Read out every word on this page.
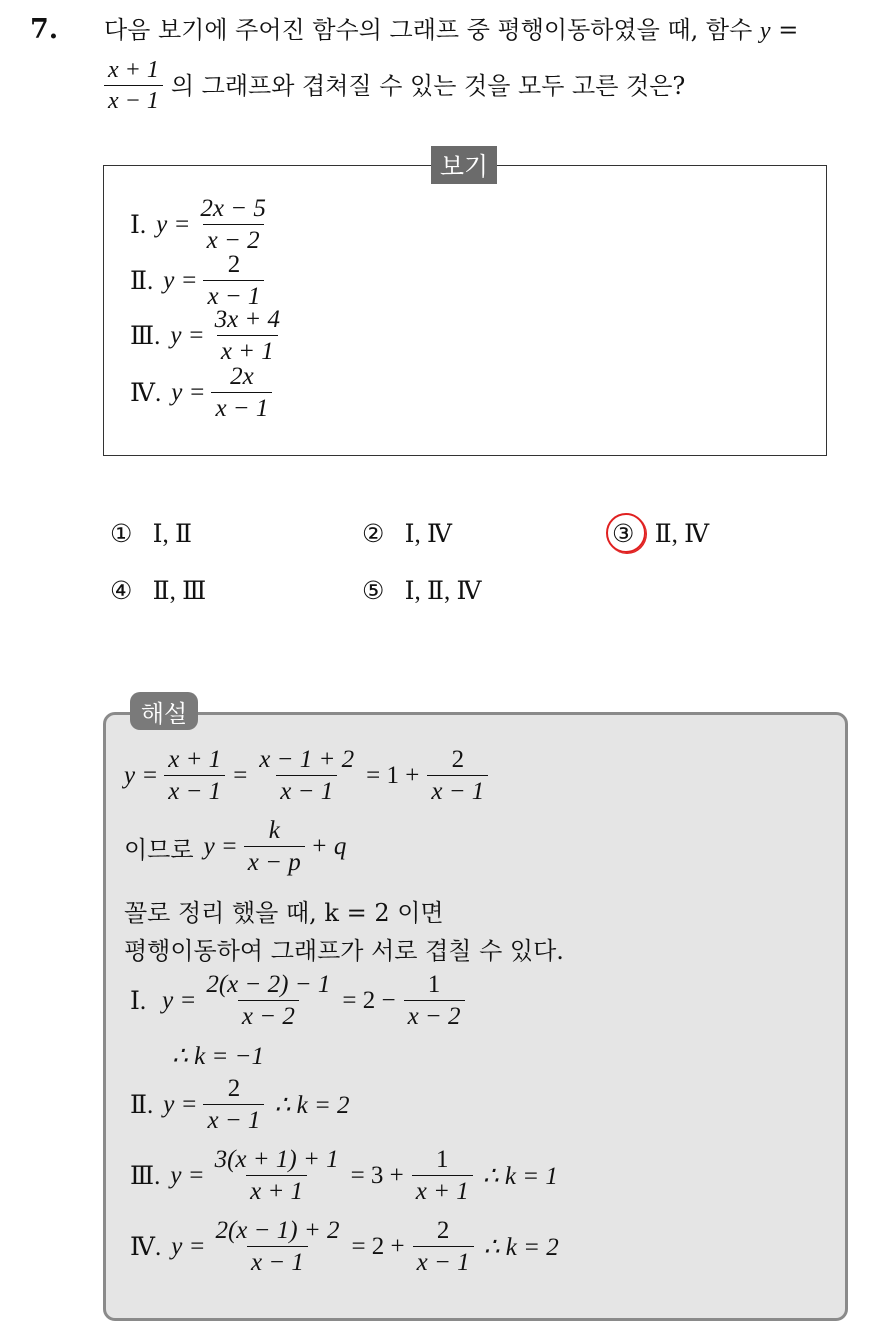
7. 다음 보기에 주어진 함수의 그래프 중 평행이동하였을 때, 함수 y =
$\frac{x + 1}{x - 1}$ 의 그래프와 겹쳐질 수 있는 것을 모두 고른 것은?
보기
Ⅰ. $y = \frac{2x - 5}{x - 2}$
Ⅱ. $y = \frac{2}{x - 1}$
Ⅲ. $y = \frac{3x + 4}{x + 1}$
Ⅳ. $y = \frac{2x}{x - 1}$
① Ⅰ, Ⅱ	② Ⅰ, Ⅳ	③ Ⅱ, Ⅳ
④ Ⅱ, Ⅲ	⑤ Ⅰ, Ⅱ, Ⅳ
해설
$y = \frac{x + 1}{x - 1} = \frac{x - 1 + 2}{x - 1} = 1 + \frac{2}{x - 1}$
이므로 $y = \frac{k}{x - p} + q$
꼴로 정리 했을 때, k = 2 이면
평행이동하여 그래프가 서로 겹칠 수 있다.
Ⅰ. $y = \frac{2(x - 2) - 1}{x - 2} = 2 - \frac{1}{x - 2}$
∴ k = −1
Ⅱ. $y = \frac{2}{x - 1}$ ∴ k = 2
Ⅲ. $y = \frac{3(x + 1) + 1}{x + 1} = 3 + \frac{1}{x + 1}$ ∴ k = 1
Ⅳ. $y = \frac{2(x - 1) + 2}{x - 1} = 2 + \frac{2}{x - 1}$ ∴ k = 2
